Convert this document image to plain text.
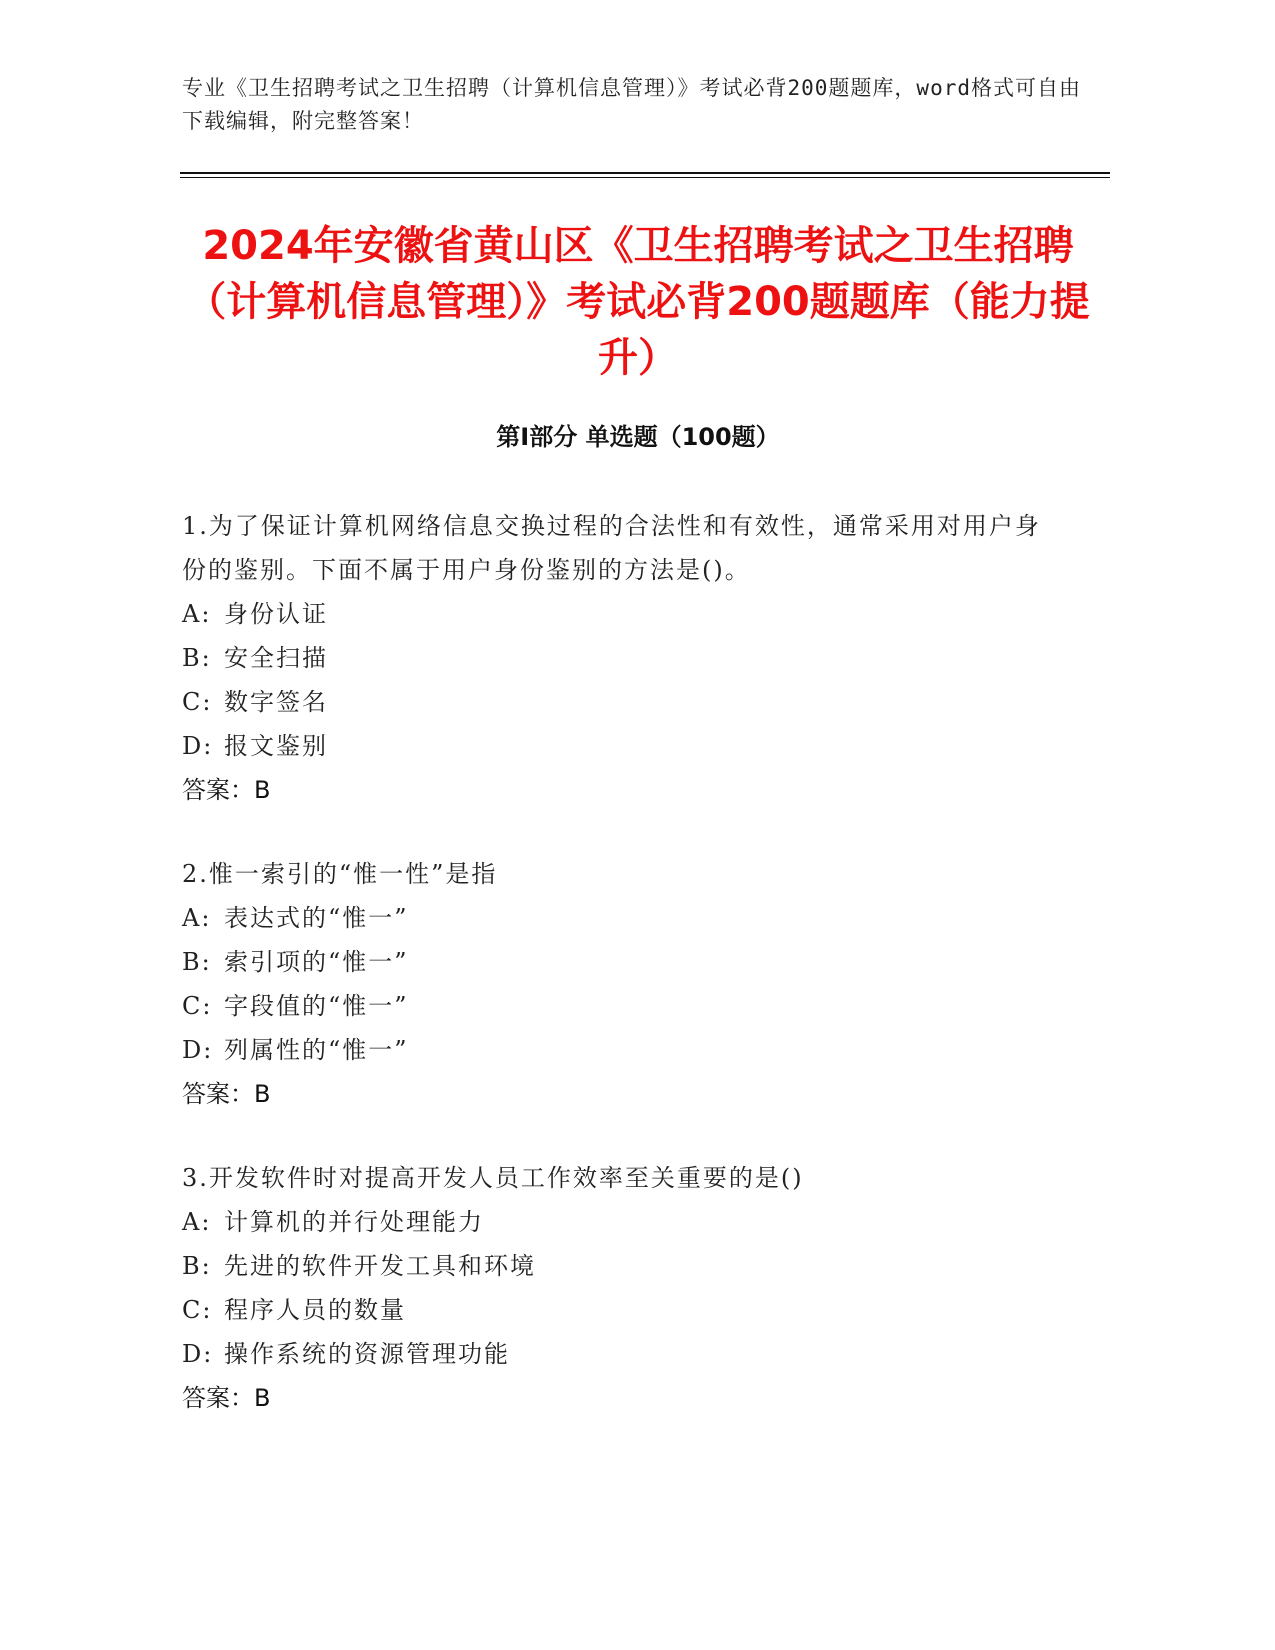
专业《卫生招聘考试之卫生招聘（计算机信息管理）》考试必背200题题库，word格式可自由下载编辑，附完整答案！
2024年安徽省黄山区《卫生招聘考试之卫生招聘（计算机信息管理）》考试必背200题题库（能力提升）
第Ⅰ部分 单选题（100题）
1.为了保证计算机网络信息交换过程的合法性和有效性，通常采用对用户身份的鉴别。下面不属于用户身份鉴别的方法是()。
A: 身份认证
B: 安全扫描
C: 数字签名
D: 报文鉴别
答案：B
2.惟一索引的“惟一性”是指
A: 表达式的“惟一”
B: 索引项的“惟一”
C: 字段值的“惟一”
D: 列属性的“惟一”
答案：B
3.开发软件时对提高开发人员工作效率至关重要的是()
A: 计算机的并行处理能力
B: 先进的软件开发工具和环境
C: 程序人员的数量
D: 操作系统的资源管理功能
答案：B
